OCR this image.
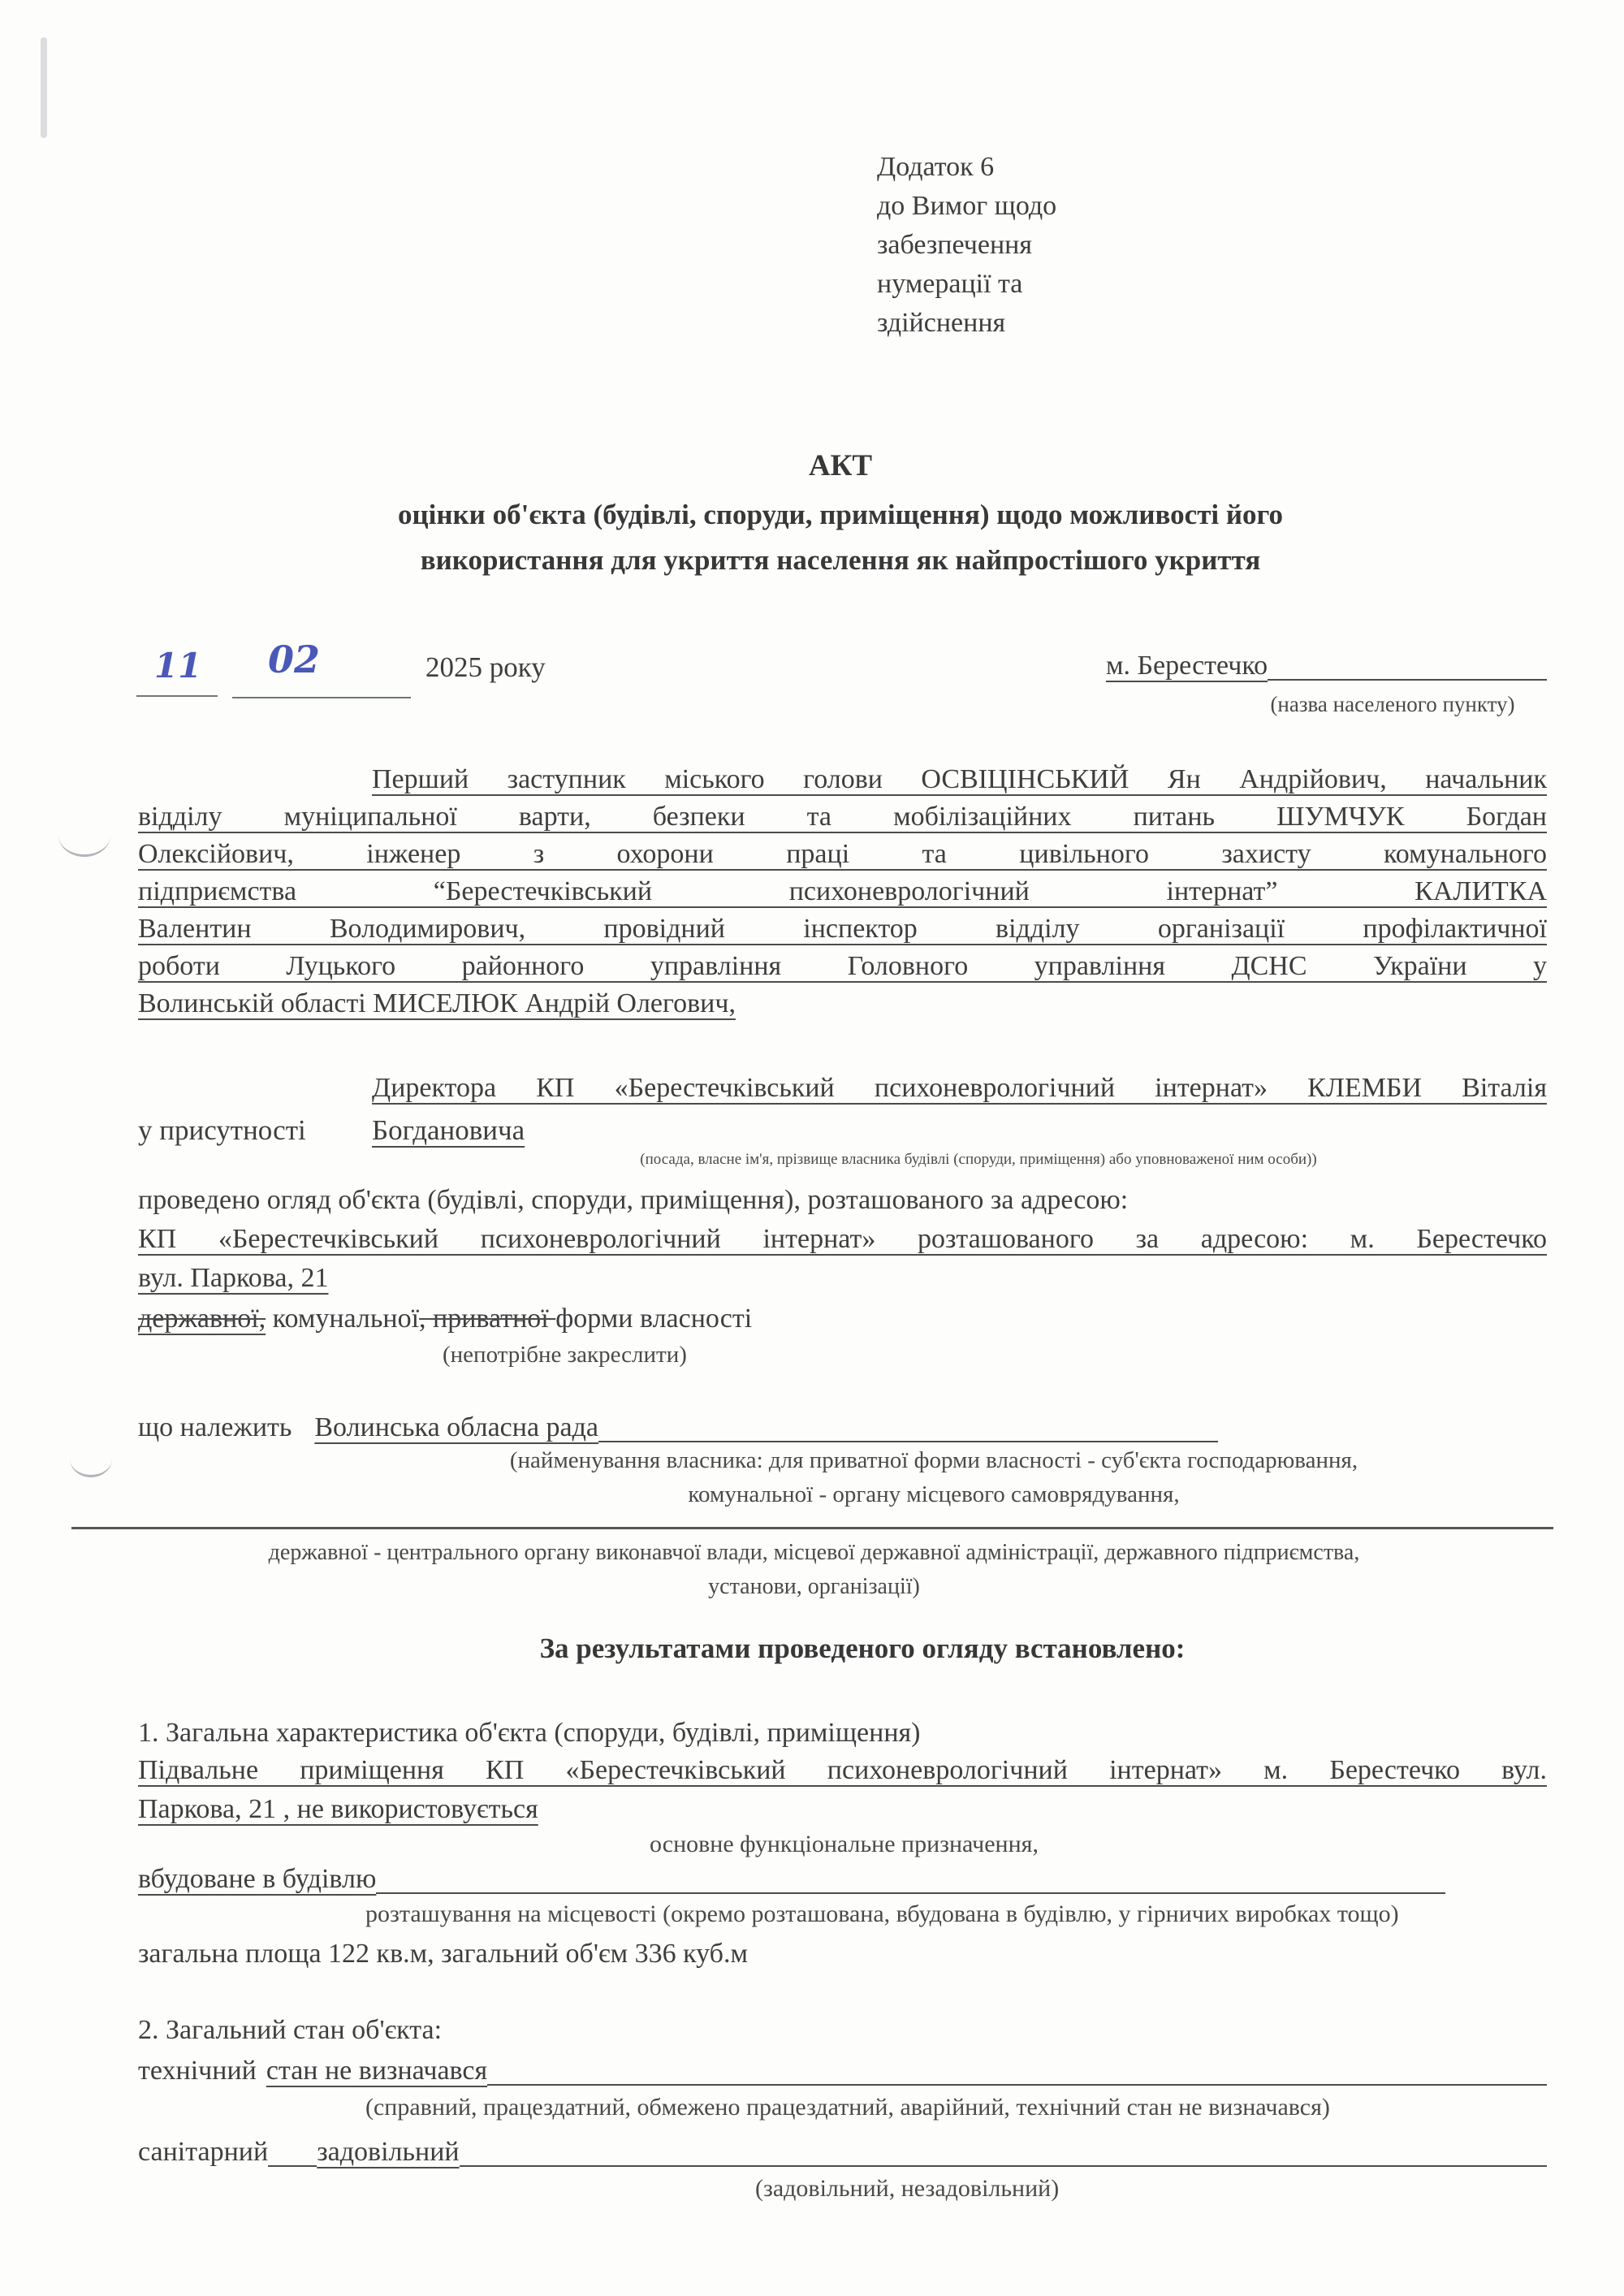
Додаток 6
до Вимог щодо
забезпечення
нумерації та
здійснення
АКТ
оцінки об'єкта (будівлі, споруди, приміщення) щодо можливості його
використання для укриття населення як найпростішого укриття
11 02	2025 року	м. Берестечко
(назва населеного пункту)
Перший заступник міського голови ОСВІЦІНСЬКИЙ Ян Андрійович, начальник
відділу муніципальної варти, безпеки та мобілізаційних питань ШУМЧУК Богдан
Олексійович, інженер з охорони праці та цивільного захисту комунального
підприємства “Берестечківський психоневрологічний інтернат” КАЛИТКА
Валентин Володимирович, провідний інспектор відділу організації профілактичної
роботи Луцького районного управління Головного управління ДСНС України у
Волинській області МИСЕЛЮК Андрій Олегович,
Директора КП «Берестечківський психоневрологічний інтернат» КЛЕМБИ Віталія
у присутності Богдановича
(посада, власне ім'я, прізвище власника будівлі (споруди, приміщення) або уповноваженої ним особи))
проведено огляд об'єкта (будівлі, споруди, приміщення), розташованого за адресою:
КП «Берестечківський психоневрологічний інтернат» розташованого за адресою: м. Берестечко
вул. Паркова, 21
державної, комунальної, приватної форми власності
(непотрібне закреслити)
що належить Волинська обласна рада
(найменування власника: для приватної форми власності - суб'єкта господарювання,
комунальної - органу місцевого самоврядування,
державної - центрального органу виконавчої влади, місцевої державної адміністрації, державного підприємства,
установи, організації)
За результатами проведеного огляду встановлено:
1. Загальна характеристика об'єкта (споруди, будівлі, приміщення)
Підвальне приміщення КП «Берестечківський психоневрологічний інтернат» м. Берестечко вул.
Паркова, 21 , не використовується
основне функціональне призначення,
вбудоване в будівлю
розташування на місцевості (окремо розташована, вбудована в будівлю, у гірничих виробках тощо)
загальна площа 122 кв.м, загальний об'єм 336 куб.м
2. Загальний стан об'єкта:
технічний стан не визначався
(справний, працездатний, обмежено працездатний, аварійний, технічний стан не визначався)
санітарний задовільний
(задовільний, незадовільний)
